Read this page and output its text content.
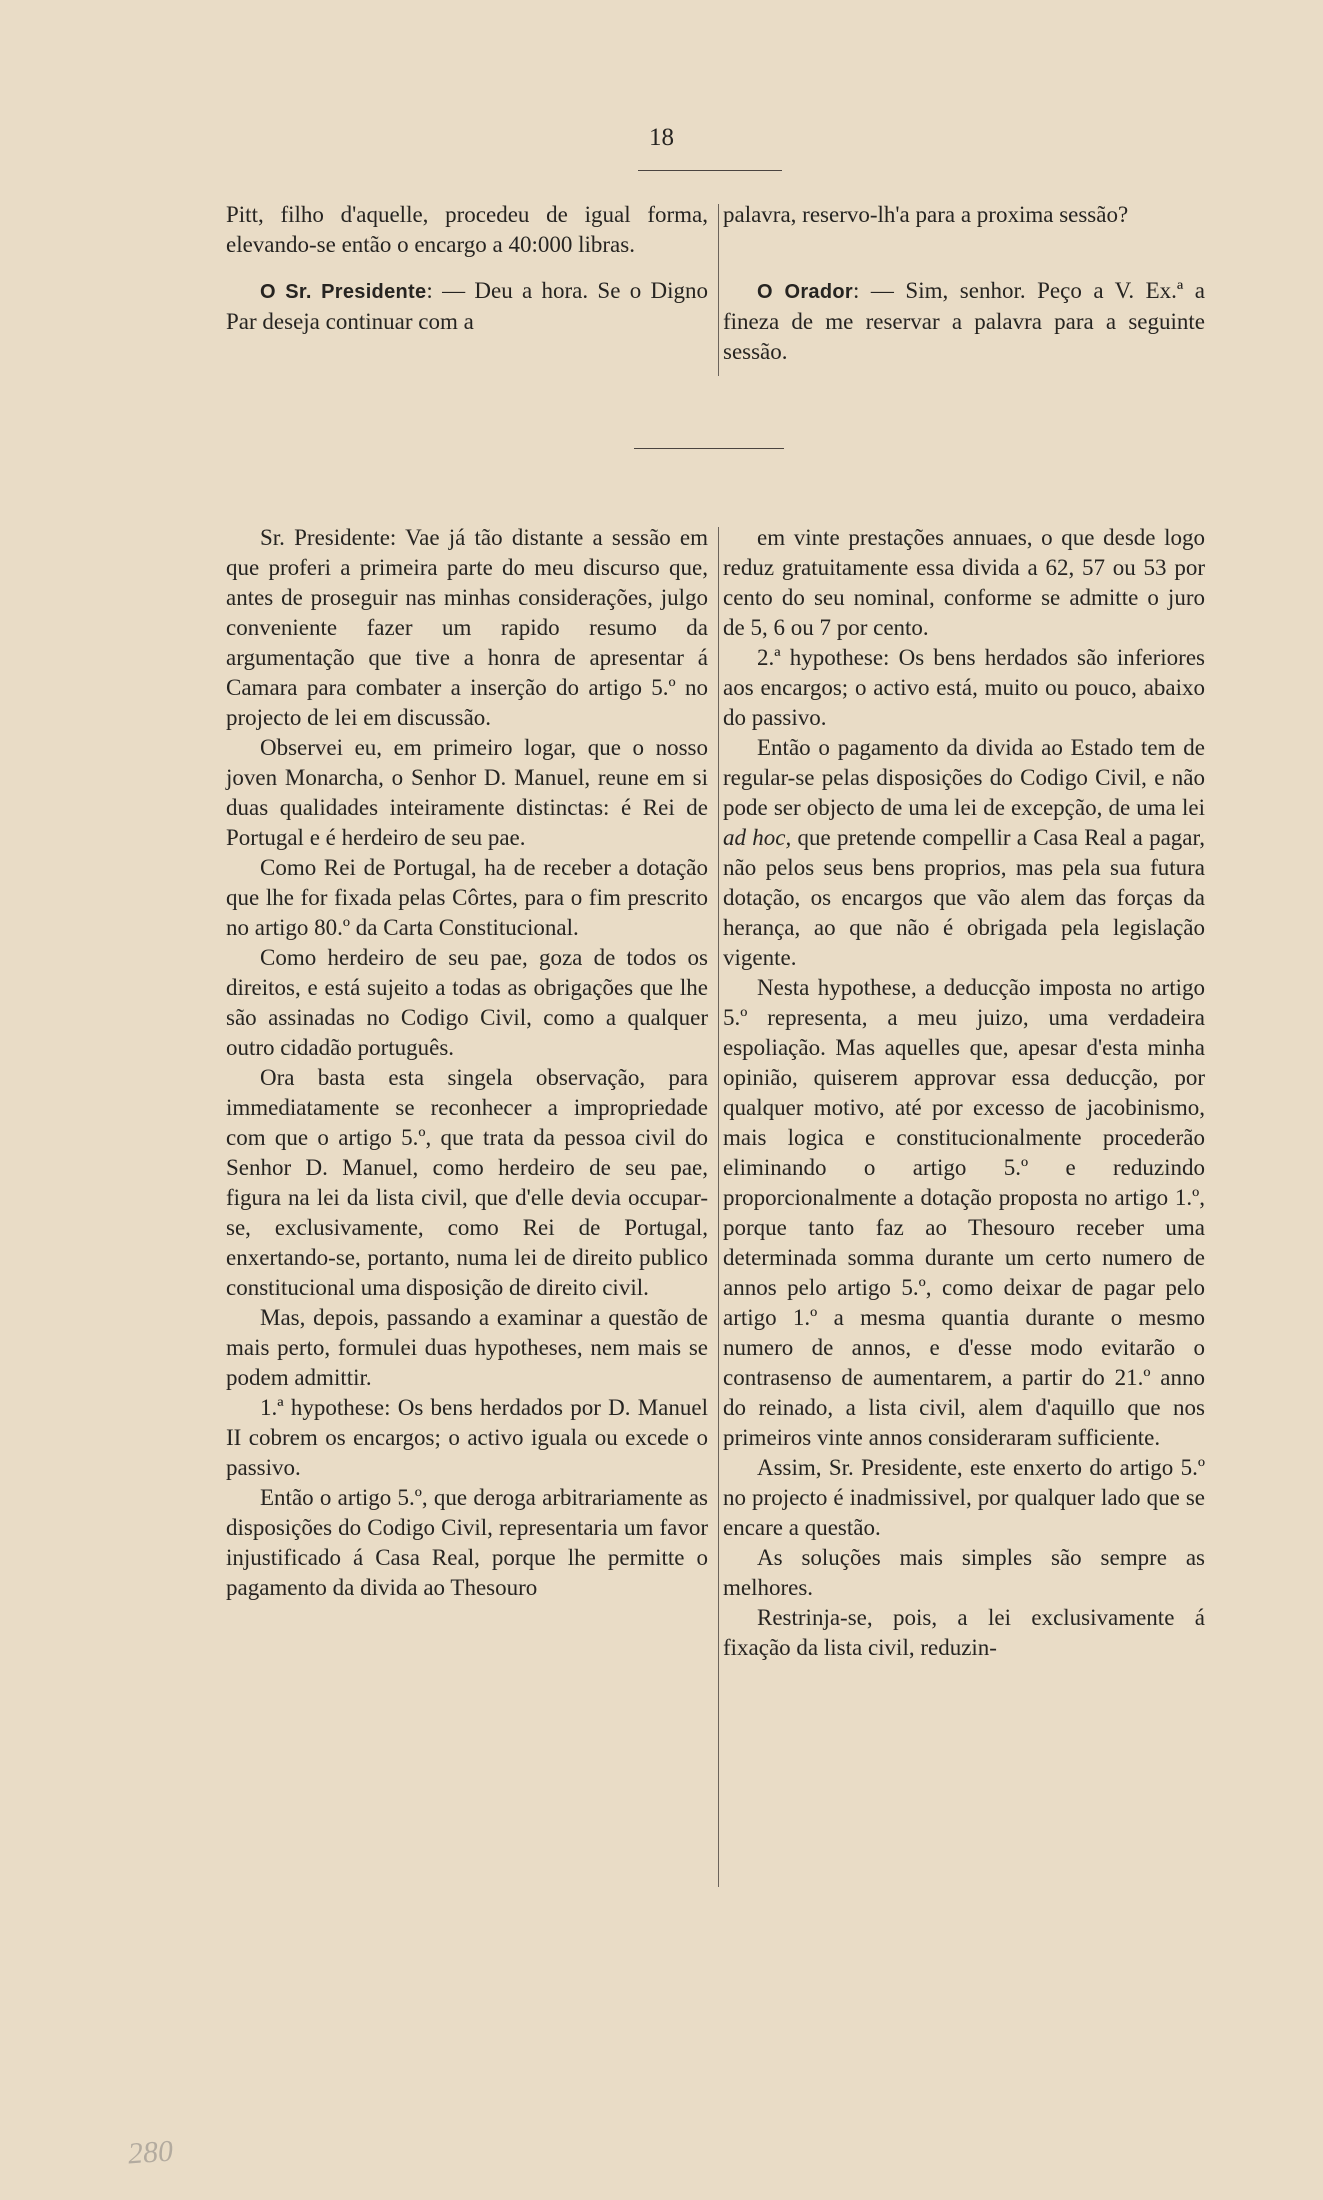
18

Pitt, filho d'aquelle, procedeu de igual forma, elevando-se então o encargo a 40:000 libras.

O Sr. Presidente: — Deu a hora. Se o Digno Par deseja continuar com a

palavra, reservo-lh'a para a proxima sessão?

O Orador: — Sim, senhor. Peço a V. Ex.ª a fineza de me reservar a palavra para a seguinte sessão.

Sr. Presidente: Vae já tão distante a sessão em que proferi a primeira parte do meu discurso que, antes de proseguir nas minhas considerações, julgo conveniente fazer um rapido resumo da argumentação que tive a honra de apresentar á Camara para combater a inserção do artigo 5.º no projecto de lei em discussão.

Observei eu, em primeiro logar, que o nosso joven Monarcha, o Senhor D. Manuel, reune em si duas qualidades inteiramente distinctas: é Rei de Portugal e é herdeiro de seu pae.

Como Rei de Portugal, ha de receber a dotação que lhe for fixada pelas Côrtes, para o fim prescrito no artigo 80.º da Carta Constitucional.

Como herdeiro de seu pae, goza de todos os direitos, e está sujeito a todas as obrigações que lhe são assinadas no Codigo Civil, como a qualquer outro cidadão português.

Ora basta esta singela observação, para immediatamente se reconhecer a impropriedade com que o artigo 5.º, que trata da pessoa civil do Senhor D. Manuel, como herdeiro de seu pae, figura na lei da lista civil, que d'elle devia occupar-se, exclusivamente, como Rei de Portugal, enxertando-se, portanto, numa lei de direito publico constitucional uma disposição de direito civil.

Mas, depois, passando a examinar a questão de mais perto, formulei duas hypotheses, nem mais se podem admittir.

1.ª hypothese: Os bens herdados por D. Manuel II cobrem os encargos; o activo iguala ou excede o passivo.

Então o artigo 5.º, que deroga arbitrariamente as disposições do Codigo Civil, representaria um favor injustificado á Casa Real, porque lhe permitte o pagamento da divida ao Thesouro

em vinte prestações annuaes, o que desde logo reduz gratuitamente essa divida a 62, 57 ou 53 por cento do seu nominal, conforme se admitte o juro de 5, 6 ou 7 por cento.

2.ª hypothese: Os bens herdados são inferiores aos encargos; o activo está, muito ou pouco, abaixo do passivo.

Então o pagamento da divida ao Estado tem de regular-se pelas disposições do Codigo Civil, e não pode ser objecto de uma lei de excepção, de uma lei ad hoc, que pretende compellir a Casa Real a pagar, não pelos seus bens proprios, mas pela sua futura dotação, os encargos que vão alem das forças da herança, ao que não é obrigada pela legislação vigente.

Nesta hypothese, a deducção imposta no artigo 5.º representa, a meu juizo, uma verdadeira espoliação. Mas aquelles que, apesar d'esta minha opinião, quiserem approvar essa deducção, por qualquer motivo, até por excesso de jacobinismo, mais logica e constitucionalmente procederão eliminando o artigo 5.º e reduzindo proporcionalmente a dotação proposta no artigo 1.º, porque tanto faz ao Thesouro receber uma determinada somma durante um certo numero de annos pelo artigo 5.º, como deixar de pagar pelo artigo 1.º a mesma quantia durante o mesmo numero de annos, e d'esse modo evitarão o contrasenso de aumentarem, a partir do 21.º anno do reinado, a lista civil, alem d'aquillo que nos primeiros vinte annos consideraram sufficiente.

Assim, Sr. Presidente, este enxerto do artigo 5.º no projecto é inadmissivel, por qualquer lado que se encare a questão.

As soluções mais simples são sempre as melhores.

Restrinja-se, pois, a lei exclusivamente á fixação da lista civil, reduzin-

280
